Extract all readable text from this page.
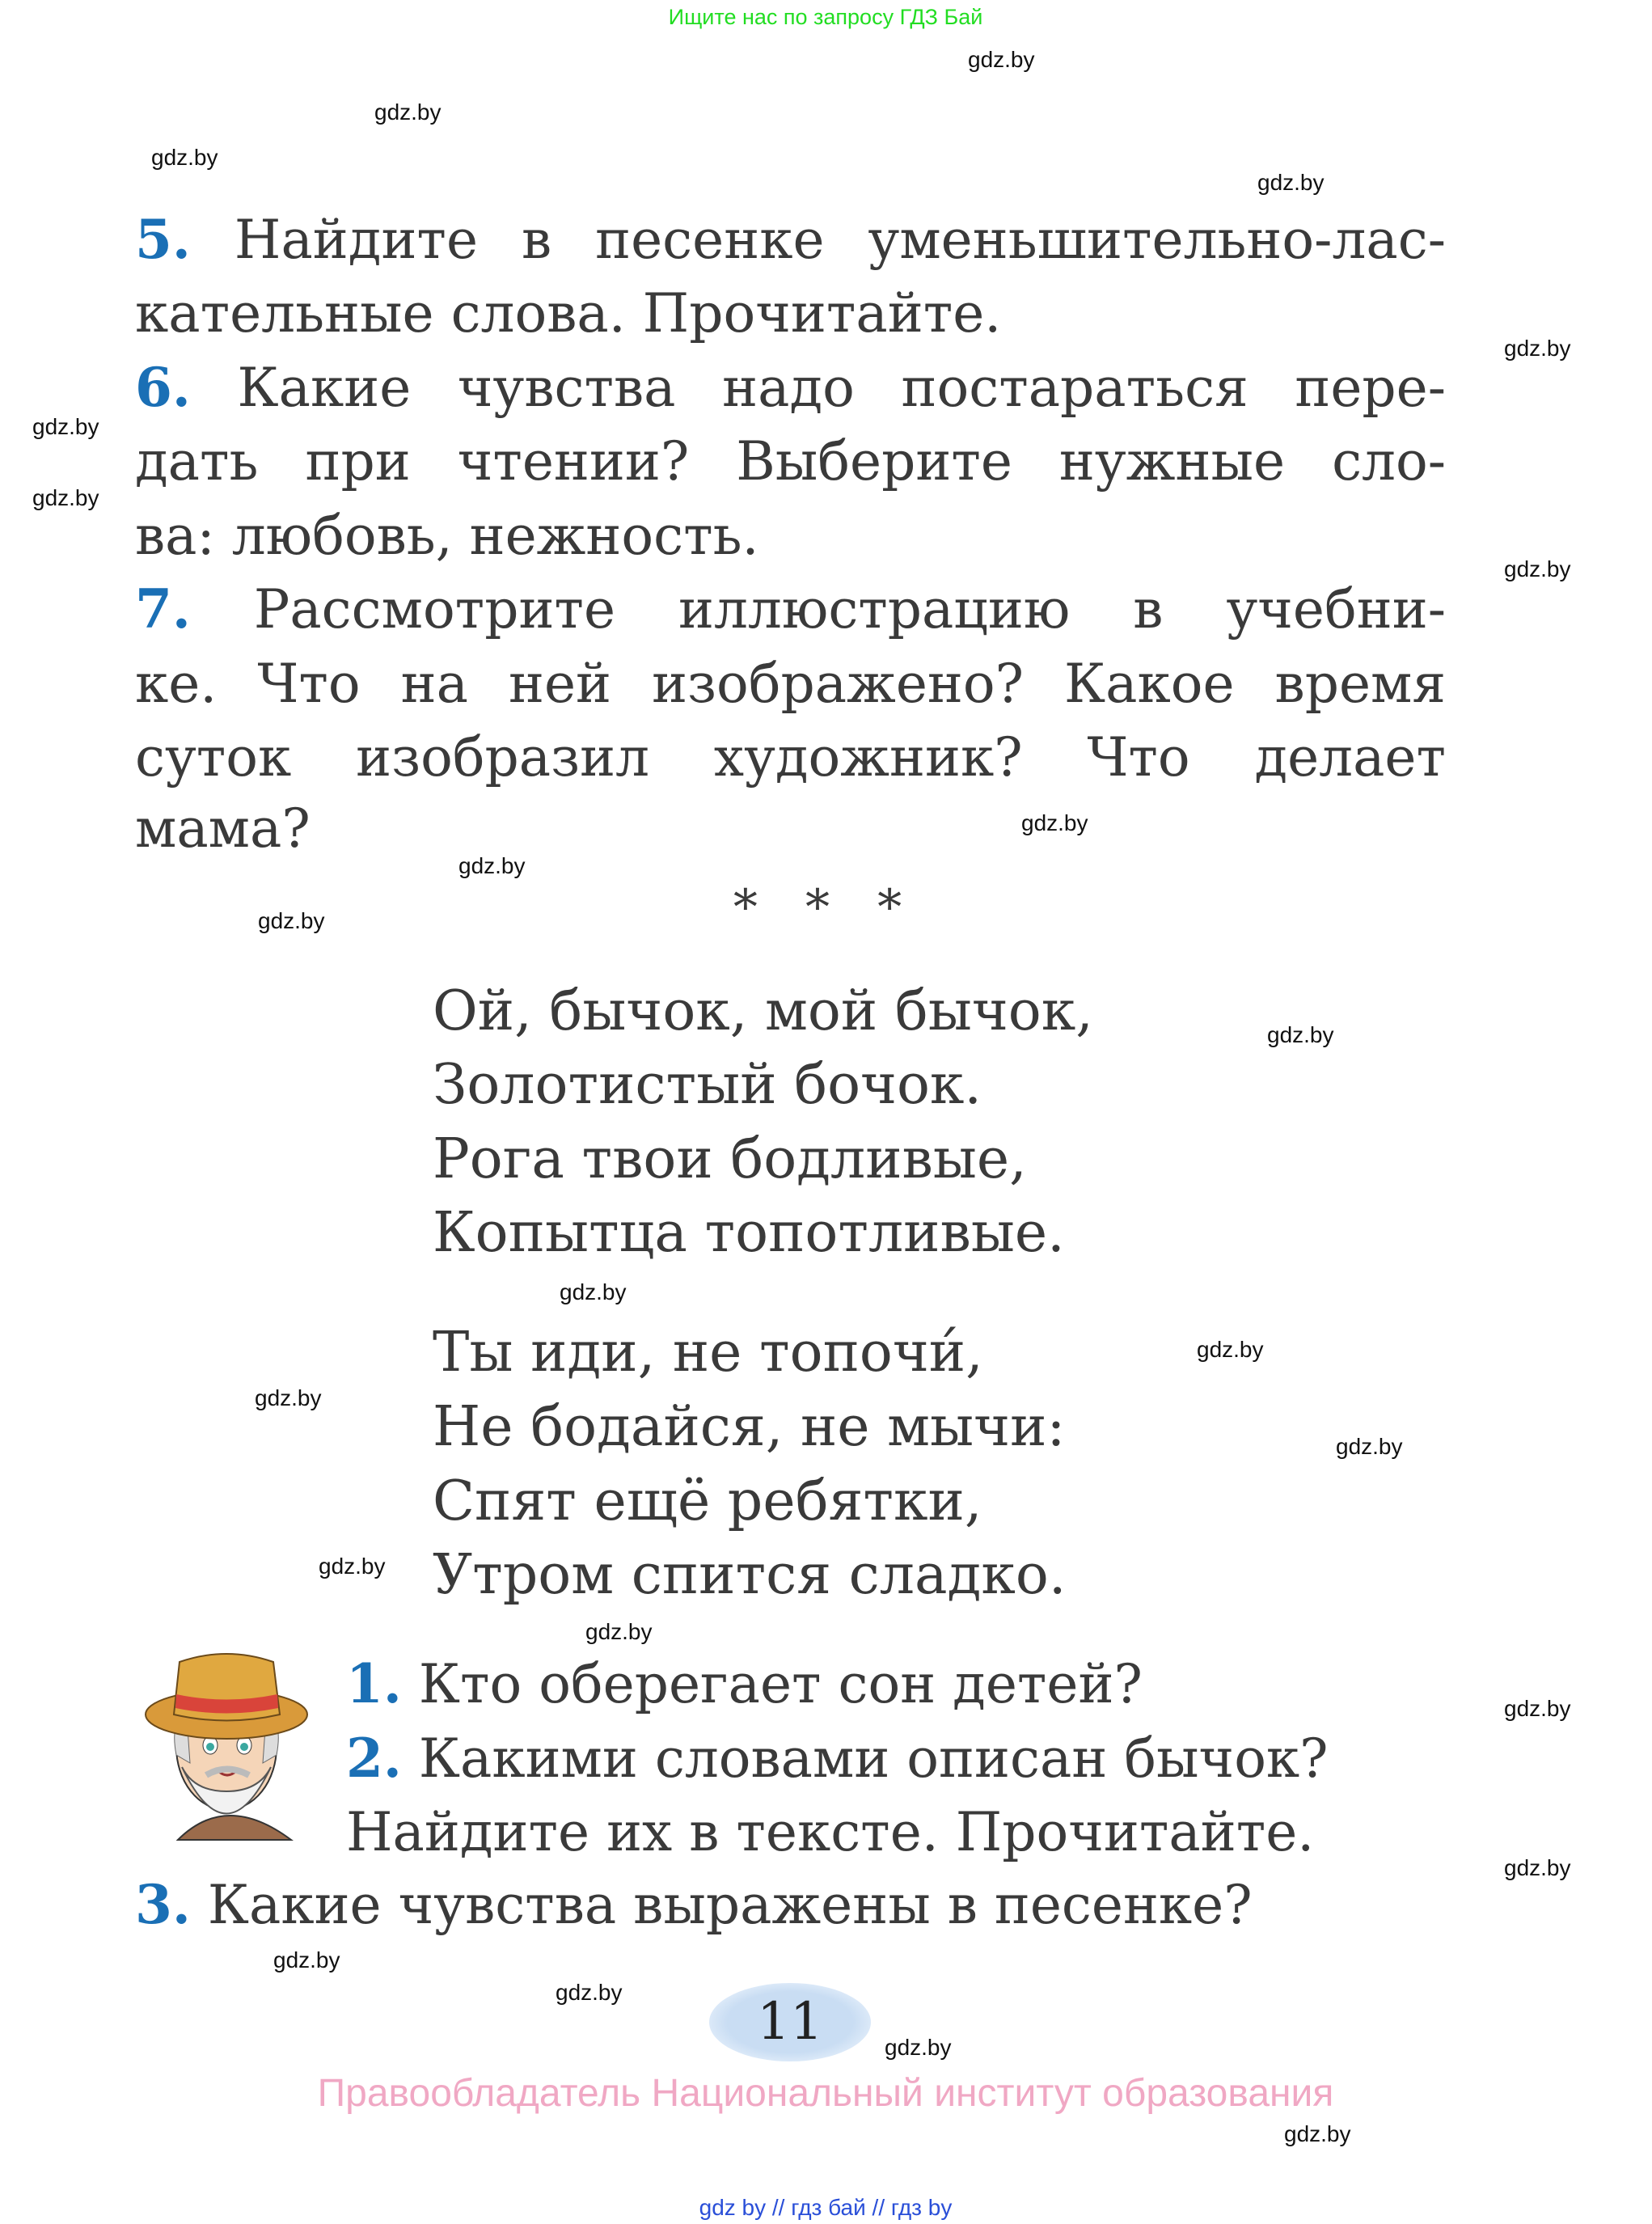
Ищите нас по запросу ГДЗ Бай
5. Найдите в песенке уменьшительно-лас-
кательные слова. Прочитайте.
6. Какие чувства надо постараться пере-
дать при чтении? Выберите нужные сло-
ва: любовь, нежность.
7. Рассмотрите иллюстрацию в учебни-
ке. Что на ней изображено? Какое время
суток изобразил художник? Что делает
мама?
* * *
Ой, бычок, мой бычок,
Золотистый бочок.
Рога твои бодливые,
Копытца топотливые.
Ты иди, не топочи́,
Не бодайся, не мычи:
Спят ещё ребятки,
Утром спится сладко.
1. Кто оберегает сон детей?
2. Какими словами описан бычок?
Найдите их в тексте. Прочитайте.
3. Какие чувства выражены в песенке?
11
Правообладатель Национальный институт образования
gdz by // гдз бай // гдз by
gdz.by
gdz.by
gdz.by
gdz.by
gdz.by
gdz.by
gdz.by
gdz.by
gdz.by
gdz.by
gdz.by
gdz.by
gdz.by
gdz.by
gdz.by
gdz.by
gdz.by
gdz.by
gdz.by
gdz.by
gdz.by
gdz.by
gdz.by
gdz.by
